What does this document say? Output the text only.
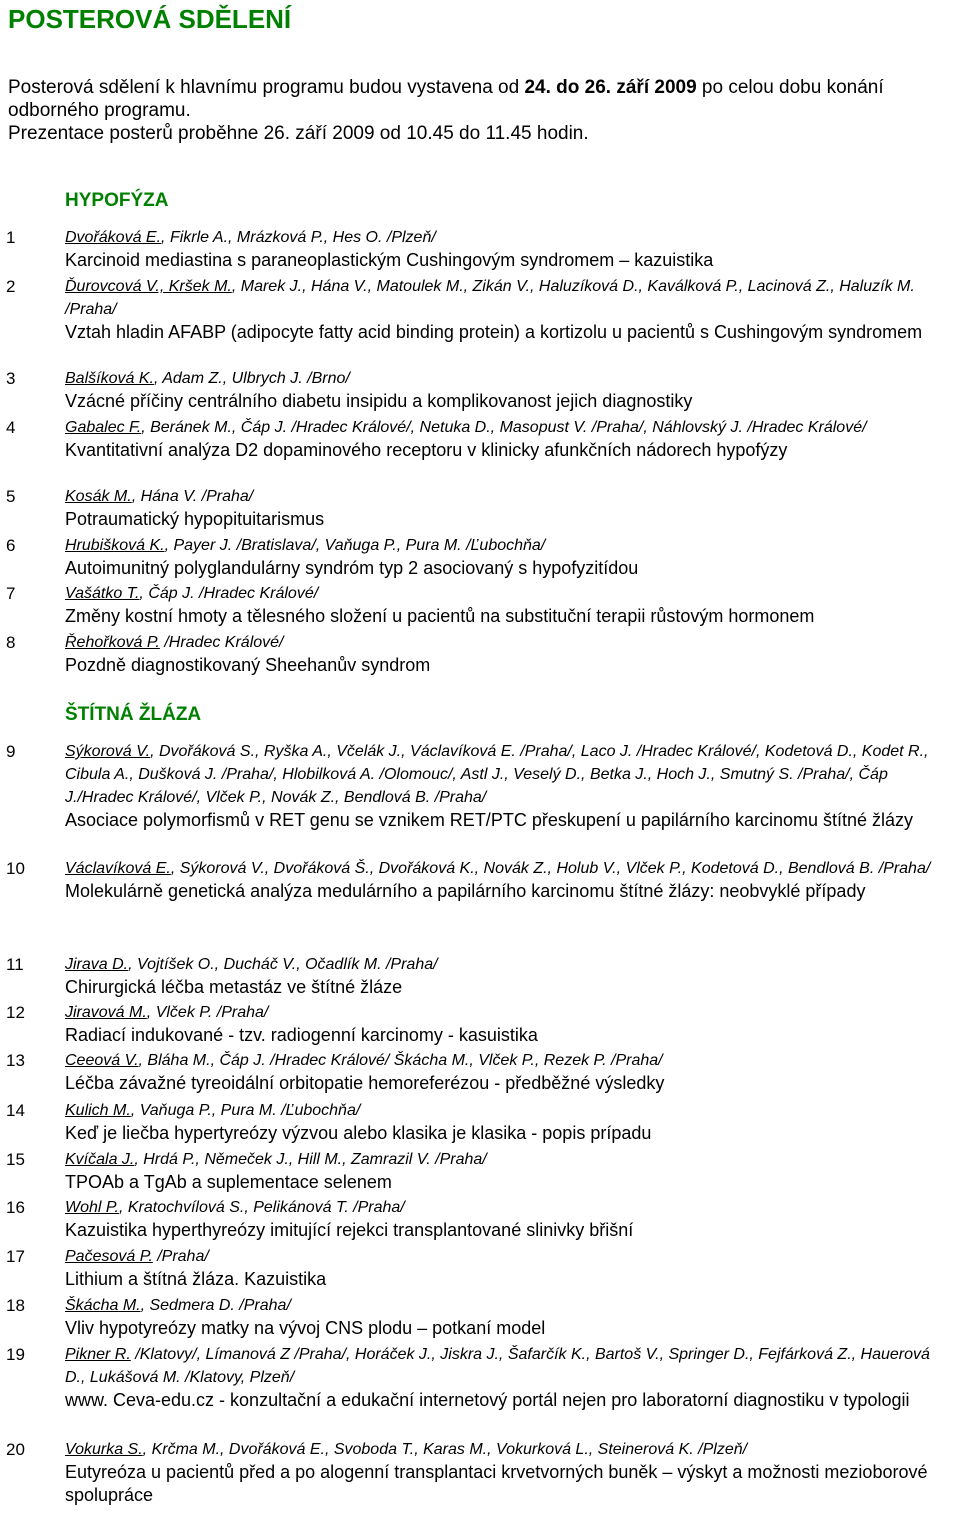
POSTEROVÁ SDĚLENÍ
Posterová sdělení k hlavnímu programu budou vystavena od 24. do 26. září 2009 po celou dobu konání odborného programu.
Prezentace posterů proběhne 26. září 2009 od 10.45 do 11.45 hodin.
HYPOFÝZA
1	Dvořáková E., Fikrle A., Mrázková P., Hes O. /Plzeň/
Karcinoid mediastina s paraneoplastickým Cushingovým syndromem – kazuistika
2	Ďurovcová V., Kršek M., Marek J., Hána V., Matoulek M., Zikán V., Haluzíková D., Kaválková P., Lacinová Z., Haluzík M. /Praha/
Vztah hladin AFABP (adipocyte fatty acid binding protein) a kortizolu u pacientů s Cushingovým syndromem
3	Balšíková K., Adam Z., Ulbrych J. /Brno/
Vzácné příčiny centrálního diabetu insipidu a komplikovanost jejich diagnostiky
4	Gabalec F., Beránek M., Čáp J. /Hradec Králové/, Netuka D., Masopust V. /Praha/, Náhlovský J. /Hradec Králové/
Kvantitativní analýza D2 dopaminového receptoru v klinicky afunkčních nádorech hypofýzy
5	Kosák M., Hána V. /Praha/
Potraumatický hypopituitarismus
6	Hrubišková K., Payer J. /Bratislava/, Vaňuga P., Pura M. /Ľubochňa/
Autoimunitný polyglandulárny syndróm typ 2 asociovaný s hypofyzitídou
7	Vašátko T., Čáp J. /Hradec Králové/
Změny kostní hmoty a tělesného složení u pacientů na substituční terapii růstovým hormonem
8	Řehořková P. /Hradec Králové/
Pozdně diagnostikovaný Sheehanův syndrom
ŠTÍTNÁ ŽLÁZA
9	Sýkorová V., Dvořáková S., Ryška A., Včelák J., Václavíková E. /Praha/, Laco J. /Hradec Králové/, Kodetová D., Kodet R., Cibula A., Dušková J. /Praha/, Hlobilková A. /Olomouc/, Astl J., Veselý D., Betka J., Hoch J., Smutný S. /Praha/, Čáp J./Hradec Králové/, Vlček P., Novák Z., Bendlová B. /Praha/
Asociace polymorfismů v RET genu se vznikem RET/PTC přeskupení u papilárního karcinomu štítné žlázy
10	Václavíková E., Sýkorová V., Dvořáková Š., Dvořáková K., Novák Z., Holub V., Vlček P., Kodetová D., Bendlová B. /Praha/
Molekulárně genetická analýza medulárního a papilárního karcinomu štítné žlázy: neobvyklé případy
11	Jirava D., Vojtíšek O., Ducháč V., Očadlík M. /Praha/
Chirurgická léčba metastáz ve štítné žláze
12	Jiravová M., Vlček P. /Praha/
Radiací indukované - tzv. radiogenní karcinomy - kasuistika
13	Ceeová V., Bláha M., Čáp J. /Hradec Králové/ Škácha M., Vlček P., Rezek P. /Praha/
Léčba závažné tyreoidální orbitopatie hemoreferézou - předběžné výsledky
14	Kulich M., Vaňuga P., Pura M. /Ľubochňa/
Keď je liečba hypertyreózy výzvou alebo klasika je klasika - popis prípadu
15	Kvíčala J., Hrdá P., Němeček J., Hill M., Zamrazil V. /Praha/
TPOAb a TgAb a suplementace selenem
16	Wohl P., Kratochvílová S., Pelikánová T. /Praha/
Kazuistika hyperthyreózy imitující rejekci transplantované slinivky břišní
17	Pačesová P. /Praha/
Lithium a štítná žláza. Kazuistika
18	Škácha M., Sedmera D. /Praha/
Vliv hypotyreózy matky na vývoj CNS plodu – potkaní model
19	Pikner R. /Klatovy/, Límanová Z /Praha/, Horáček J., Jiskra J., Šafarčík K., Bartoš V., Springer D., Fejfárková Z., Hauerová D., Lukášová M. /Klatovy, Plzeň/
www. Ceva-edu.cz - konzultační a edukační internetový portál nejen pro laboratorní diagnostiku v typologii
20	Vokurka S., Krčma M., Dvořáková E., Svoboda T., Karas M., Vokurková L., Steinerová K. /Plzeň/
Eutyreóza u pacientů před a po alogenní transplantaci krvetvorných buněk – výskyt a možnosti mezioborové spolupráce
